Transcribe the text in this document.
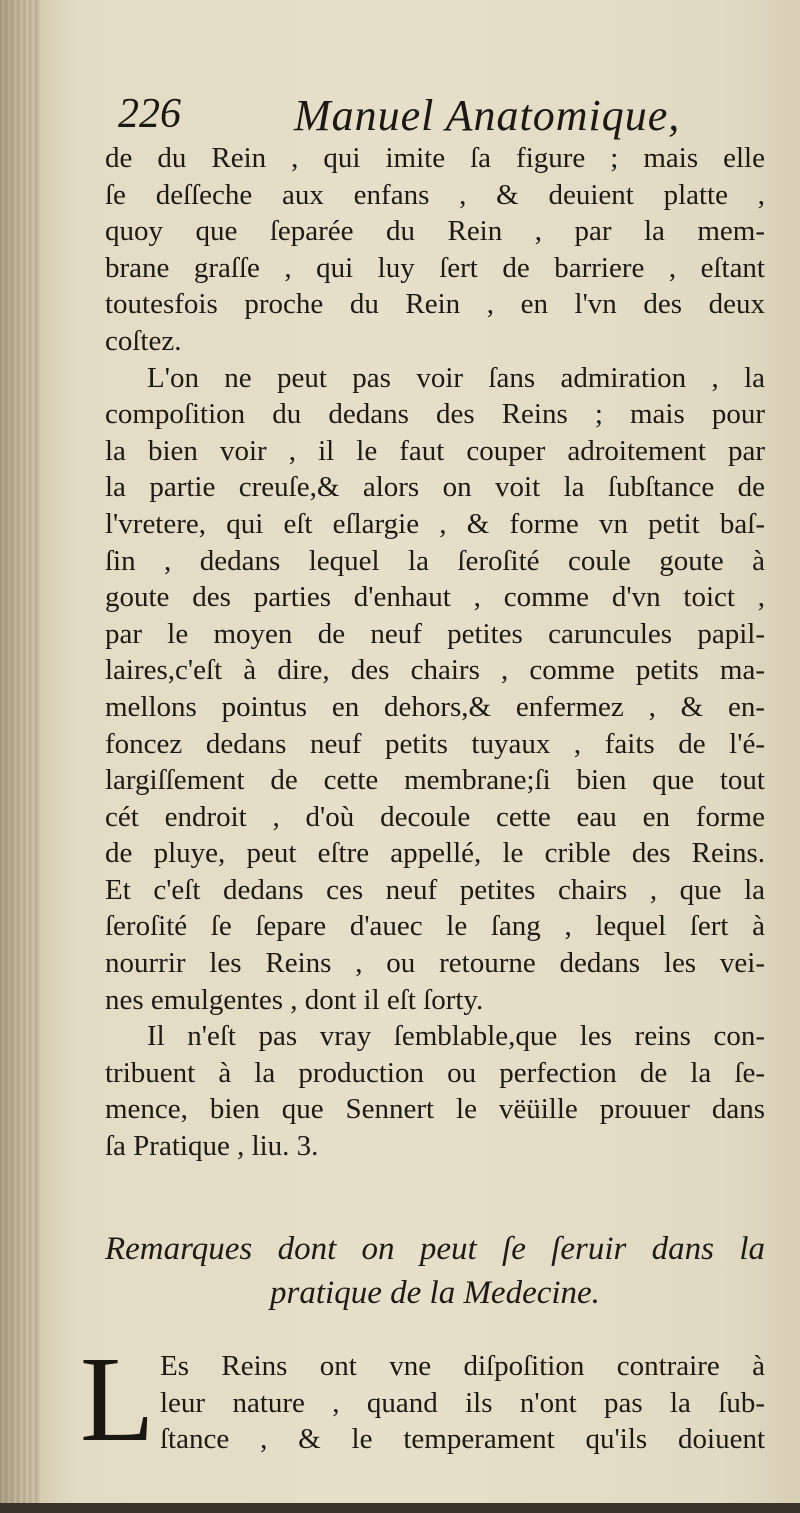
226	Manuel Anatomique,
de du Rein , qui imite ſa figure ; mais elle
ſe deſſeche aux enfans , & deuient platte ,
quoy que ſeparée du Rein , par la mem-
brane graſſe , qui luy ſert de barriere , eſtant
toutesfois proche du Rein , en l'vn des deux
coſtez.
L'on ne peut pas voir ſans admiration , la
compoſition du dedans des Reins ; mais pour
la bien voir , il le faut couper adroitement par
la partie creuſe,& alors on voit la ſubſtance de
l'vretere, qui eſt eſlargie , & forme vn petit baſ-
ſin , dedans lequel la ſeroſité coule goute à
goute des parties d'enhaut , comme d'vn toict ,
par le moyen de neuf petites caruncules papil-
laires,c'eſt à dire, des chairs , comme petits ma-
mellons pointus en dehors,& enfermez , & en-
foncez dedans neuf petits tuyaux , faits de l'é-
largiſſement de cette membrane;ſi bien que tout
cét endroit , d'où decoule cette eau en forme
de pluye, peut eſtre appellé, le crible des Reins.
Et c'eſt dedans ces neuf petites chairs , que la
ſeroſité ſe ſepare d'auec le ſang , lequel ſert à
nourrir les Reins , ou retourne dedans les vei-
nes emulgentes , dont il eſt ſorty.
Il n'eſt pas vray ſemblable,que les reins con-
tribuent à la production ou perfection de la ſe-
mence, bien que Sennert le vëüille prouuer dans
ſa Pratique , liu. 3.
Remarques dont on peut ſe ſeruir dans la
pratique de la Medecine.
L Es Reins ont vne diſpoſition contraire à
leur nature , quand ils n'ont pas la ſub-
ſtance , & le temperament qu'ils doiuent
